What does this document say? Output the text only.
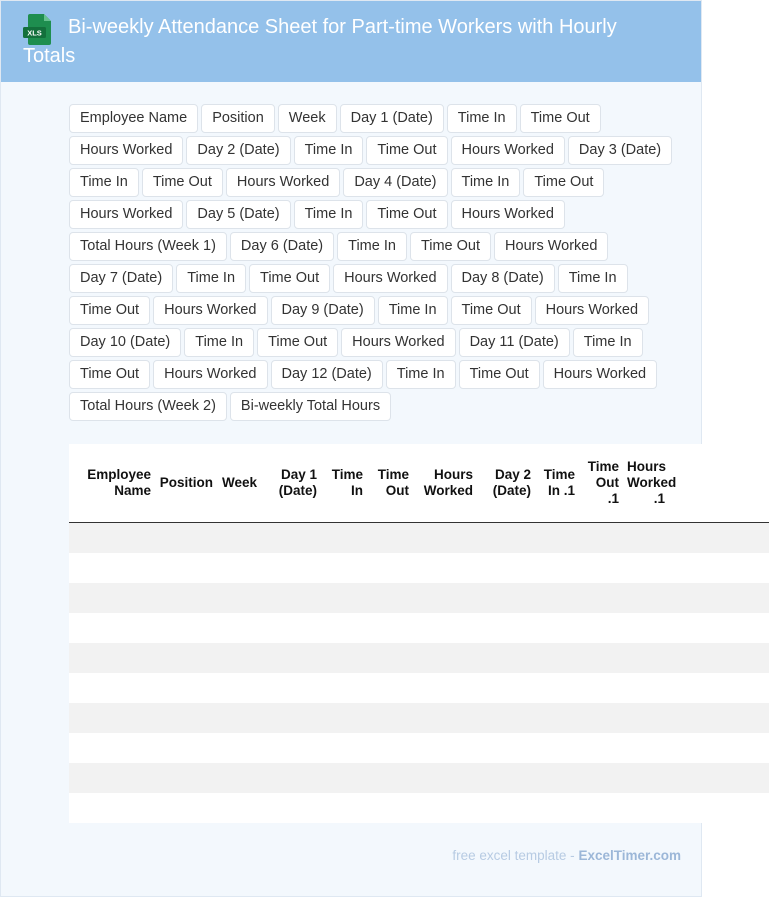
XLS	Bi-weekly Attendance Sheet for Part-time Workers with Hourly Totals
Employee Name	Position	Week	Day 1 (Date)	Time In	Time Out
Hours Worked	Day 2 (Date)	Time In	Time Out	Hours Worked	Day 3 (Date)
Time In	Time Out	Hours Worked	Day 4 (Date)	Time In	Time Out
Hours Worked	Day 5 (Date)	Time In	Time Out	Hours Worked
Total Hours (Week 1)	Day 6 (Date)	Time In	Time Out	Hours Worked
Day 7 (Date)	Time In	Time Out	Hours Worked	Day 8 (Date)	Time In
Time Out	Hours Worked	Day 9 (Date)	Time In	Time Out	Hours Worked
Day 10 (Date)	Time In	Time Out	Hours Worked	Day 11 (Date)	Time In
Time Out	Hours Worked	Day 12 (Date)	Time In	Time Out	Hours Worked
Total Hours (Week 2)	Bi-weekly Total Hours
Employee Name	Position	Week	Day 1 (Date)	Time In	Time Out	Hours Worked	Day 2 (Date)	Time In .1	Time Out .1	Hours Worked .1	

free excel template - ExcelTimer.com
